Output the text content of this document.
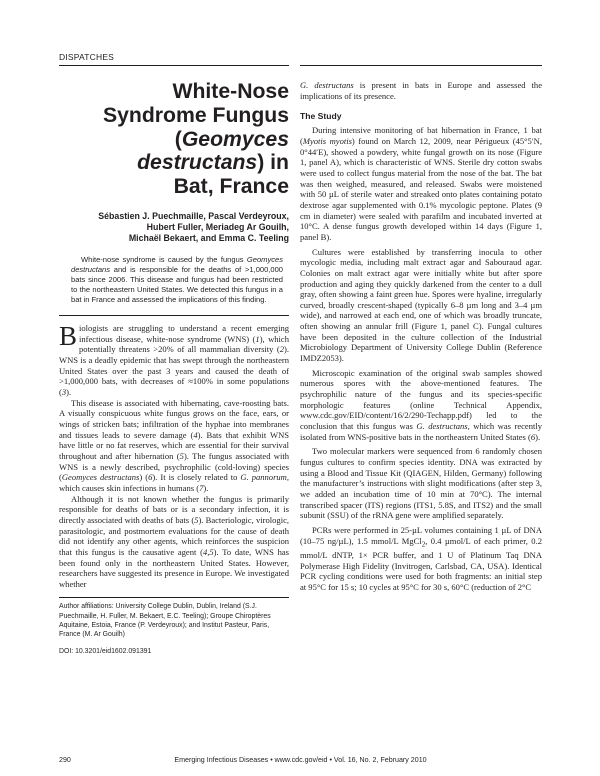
DISPATCHES
White-Nose
Syndrome Fungus
(Geomyces
destructans) in
Bat, France
Sébastien J. Puechmaille, Pascal Verdeyroux,
Hubert Fuller, Meriadeg Ar Gouilh,
Michaël Bekaert, and Emma C. Teeling

White-nose syndrome is caused by the fungus Geomyces destructans and is responsible for the deaths of >1,000,000 bats since 2006. This disease and fungus had been restricted to the northeastern United States. We detected this fungus in a bat in France and assessed the implications of this finding.

Biologists are struggling to understand a recent emerging infectious disease, white-nose syndrome (WNS) (1), which potentially threatens >20% of all mammalian diversity (2). WNS is a deadly epidemic that has swept through the northeastern United States over the past 3 years and caused the death of >1,000,000 bats, with decreases of ≈100% in some populations (3).

This disease is associated with hibernating, cave-roosting bats. A visually conspicuous white fungus grows on the face, ears, or wings of stricken bats; infiltration of the hyphae into membranes and tissues leads to severe damage (4). Bats that exhibit WNS have little or no fat reserves, which are essential for their survival throughout and after hibernation (5). The fungus associated with WNS is a newly described, psychrophilic (cold-loving) species (Geomyces destructans) (6). It is closely related to G. pannorum, which causes skin infections in humans (7).

Although it is not known whether the fungus is primarily responsible for deaths of bats or is a secondary infection, it is directly associated with deaths of bats (5). Bacteriologic, virologic, parasitologic, and postmortem evaluations for the cause of death did not identify any other agents, which reinforces the suspicion that this fungus is the causative agent (4,5). To date, WNS has been found only in the northeastern United States. However, researchers have suggested its presence in Europe. We investigated whether

Author affiliations: University College Dublin, Dublin, Ireland (S.J. Puechmaille, H. Fuller, M. Bekaert, E.C. Teeling); Groupe Chiroptères Aquitaine, Estoia, France (P. Verdeyroux); and Institut Pasteur, Paris, France (M. Ar Gouilh)

DOI: 10.3201/eid1602.091391

G. destructans is present in bats in Europe and assessed the implications of its presence.

The Study

During intensive monitoring of bat hibernation in France, 1 bat (Myotis myotis) found on March 12, 2009, near Périgueux (45°5′N, 0°44′E), showed a powdery, white fungal growth on its nose (Figure 1, panel A), which is characteristic of WNS. Sterile dry cotton swabs were used to collect fungus material from the nose of the bat. The bat was then weighed, measured, and released. Swabs were moistened with 50 µL of sterile water and streaked onto plates containing potato dextrose agar supplemented with 0.1% mycologic peptone. Plates (9 cm in diameter) were sealed with parafilm and incubated inverted at 10°C. A dense fungus growth developed within 14 days (Figure 1, panel B).

Cultures were established by transferring inocula to other mycologic media, including malt extract agar and Sabouraud agar. Colonies on malt extract agar were initially white but after spore production and aging they quickly darkened from the center to a dull gray, often showing a faint green hue. Spores were hyaline, irregularly curved, broadly crescent-shaped (typically 6–8 µm long and 3–4 µm wide), and narrowed at each end, one of which was broadly truncate, often showing an annular frill (Figure 1, panel C). Fungal cultures have been deposited in the culture collection of the Industrial Microbiology Department of University College Dublin (Reference IMDZ2053).

Microscopic examination of the original swab samples showed numerous spores with the above-mentioned features. The psychrophilic nature of the fungus and its species-specific morphologic features (online Technical Appendix, www.cdc.gov/EID/content/16/2/290-Techapp.pdf) led to the conclusion that this fungus was G. destructans, which was recently isolated from WNS-positive bats in the northeastern United States (6).

Two molecular markers were sequenced from 6 randomly chosen fungus cultures to confirm species identity. DNA was extracted by using a Blood and Tissue Kit (QIAGEN, Hilden, Germany) following the manufacturer’s instructions with slight modifications (after step 3, we added an incubation time of 10 min at 70°C). The internal transcribed spacer (ITS) regions (ITS1, 5.8S, and ITS2) and the small subunit (SSU) of the rRNA gene were amplified separately.

PCRs were performed in 25-µL volumes containing 1 µL of DNA (10–75 ng/µL), 1.5 mmol/L MgCl$_2$, 0.4 µmol/L of each primer, 0.2 mmol/L dNTP, 1× PCR buffer, and 1 U of Platinum Taq DNA Polymerase High Fidelity (Invitrogen, Carlsbad, CA, USA). Identical PCR cycling conditions were used for both fragments: an initial step at 95°C for 15 s; 10 cycles at 95°C for 30 s, 60°C (reduction of 2°C

290	Emerging Infectious Diseases • www.cdc.gov/eid • Vol. 16, No. 2, February 2010
